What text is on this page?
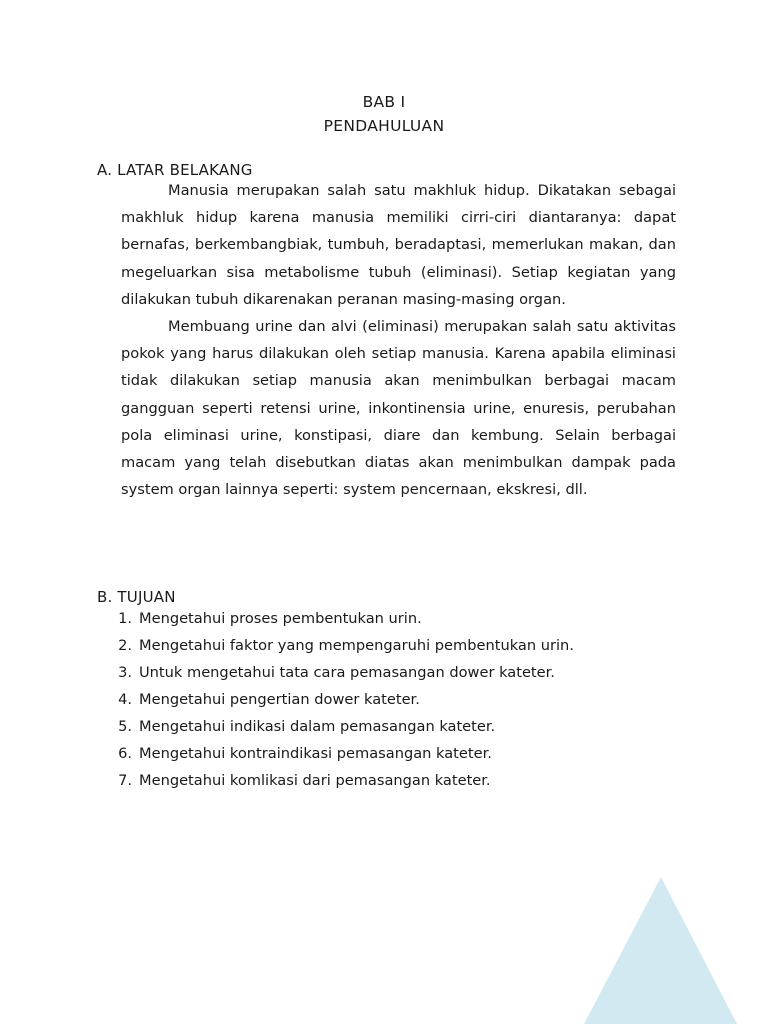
BAB I
PENDAHULUAN
A. LATAR BELAKANG

Manusia merupakan salah satu makhluk hidup. Dikatakan sebagai makhluk hidup karena manusia memiliki cirri-ciri diantaranya: dapat bernafas, berkembangbiak, tumbuh, beradaptasi, memerlukan makan, dan megeluarkan sisa metabolisme tubuh (eliminasi). Setiap kegiatan yang dilakukan tubuh dikarenakan peranan masing-masing organ.

Membuang urine dan alvi (eliminasi) merupakan salah satu aktivitas pokok yang harus dilakukan oleh setiap manusia. Karena apabila eliminasi tidak dilakukan setiap manusia akan menimbulkan berbagai macam gangguan seperti retensi urine, inkontinensia urine, enuresis, perubahan pola eliminasi urine, konstipasi, diare dan kembung. Selain berbagai macam yang telah disebutkan diatas akan menimbulkan dampak pada system organ lainnya seperti: system pencernaan, ekskresi, dll.

B. TUJUAN
1. Mengetahui proses pembentukan urin.
2. Mengetahui faktor yang mempengaruhi pembentukan urin.
3. Untuk mengetahui tata cara pemasangan dower kateter.
4. Mengetahui pengertian dower kateter.
5. Mengetahui indikasi dalam pemasangan kateter.
6. Mengetahui kontraindikasi pemasangan kateter.
7. Mengetahui komlikasi dari pemasangan kateter.
